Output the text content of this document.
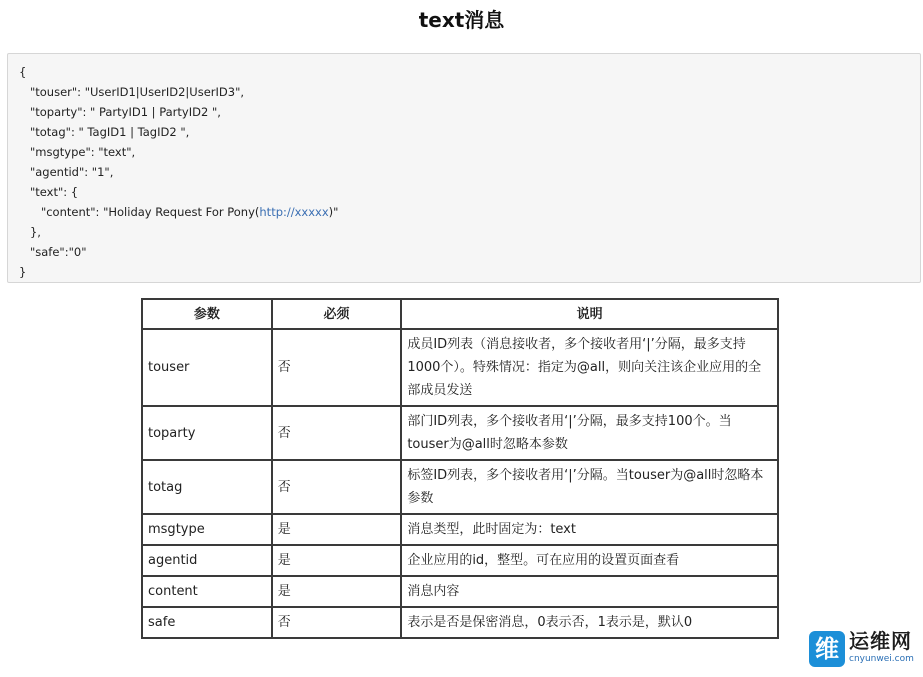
text消息
{
"touser": "UserID1|UserID2|UserID3",
"toparty": " PartyID1 | PartyID2 ",
"totag": " TagID1 | TagID2 ",
"msgtype": "text",
"agentid": "1",
"text": {
"content": "Holiday Request For Pony(http://xxxxx)"
},
"safe":"0"
}
参数	必须	说明
touser	否	成员ID列表（消息接收者，多个接收者用‘|’分隔，最多支持1000个）。特殊情况：指定为@all，则向关注该企业应用的全部成员发送
toparty	否	部门ID列表，多个接收者用‘|’分隔，最多支持100个。当touser为@all时忽略本参数
totag	否	标签ID列表，多个接收者用‘|’分隔。当touser为@all时忽略本参数
msgtype	是	消息类型，此时固定为：text
agentid	是	企业应用的id，整型。可在应用的设置页面查看
content	是	消息内容
safe	否	表示是否是保密消息，0表示否，1表示是，默认0
维 运维网
cnyunwei.com
